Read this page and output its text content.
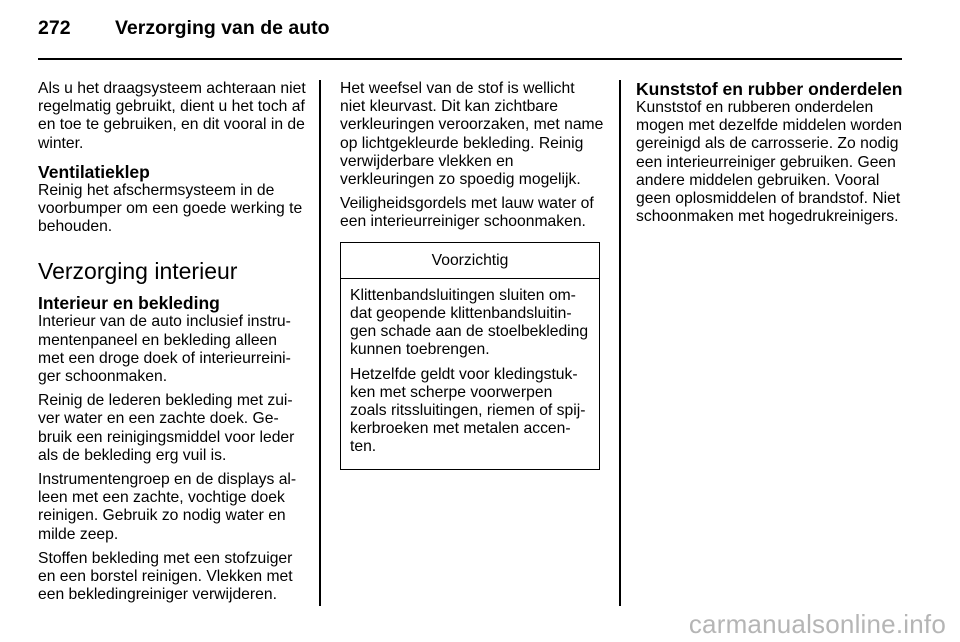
272	Verzorging van de auto

Als u het draagsysteem achteraan niet regelmatig gebruikt, dient u het toch af en toe te gebruiken, en dit vooral in de winter.

Ventilatieklep

Reinig het afschermsysteem in de voorbumper om een goede werking te behouden.

Verzorging interieur
Interieur en bekleding

Interieur van de auto inclusief instrumentenpaneel en bekleding alleen met een droge doek of interieurreiniger schoonmaken.

Reinig de lederen bekleding met zuiver water en een zachte doek. Gebruik een reinigingsmiddel voor leder als de bekleding erg vuil is.

Instrumentengroep en de displays alleen met een zachte, vochtige doek reinigen. Gebruik zo nodig water en milde zeep.

Stoffen bekleding met een stofzuiger en een borstel reinigen. Vlekken met een bekledingreiniger verwijderen.

Het weefsel van de stof is wellicht niet kleurvast. Dit kan zichtbare verkleuringen veroorzaken, met name op lichtgekleurde bekleding. Reinig verwijderbare vlekken en verkleuringen zo spoedig mogelijk.

Veiligheidsgordels met lauw water of een interieurreiniger schoonmaken.

Voorzichtig

Klittenbandsluitingen sluiten omdat geopende klittenbandsluitingen schade aan de stoelbekleding kunnen toebrengen.

Hetzelfde geldt voor kledingstukken met scherpe voorwerpen zoals ritssluitingen, riemen of spijkerbroeken met metalen accenten.

Kunststof en rubber onderdelen

Kunststof en rubberen onderdelen mogen met dezelfde middelen worden gereinigd als de carrosserie. Zo nodig een interieurreiniger gebruiken. Geen andere middelen gebruiken. Vooral geen oplosmiddelen of brandstof. Niet schoonmaken met hogedrukreinigers.

carmanualsonline.info
